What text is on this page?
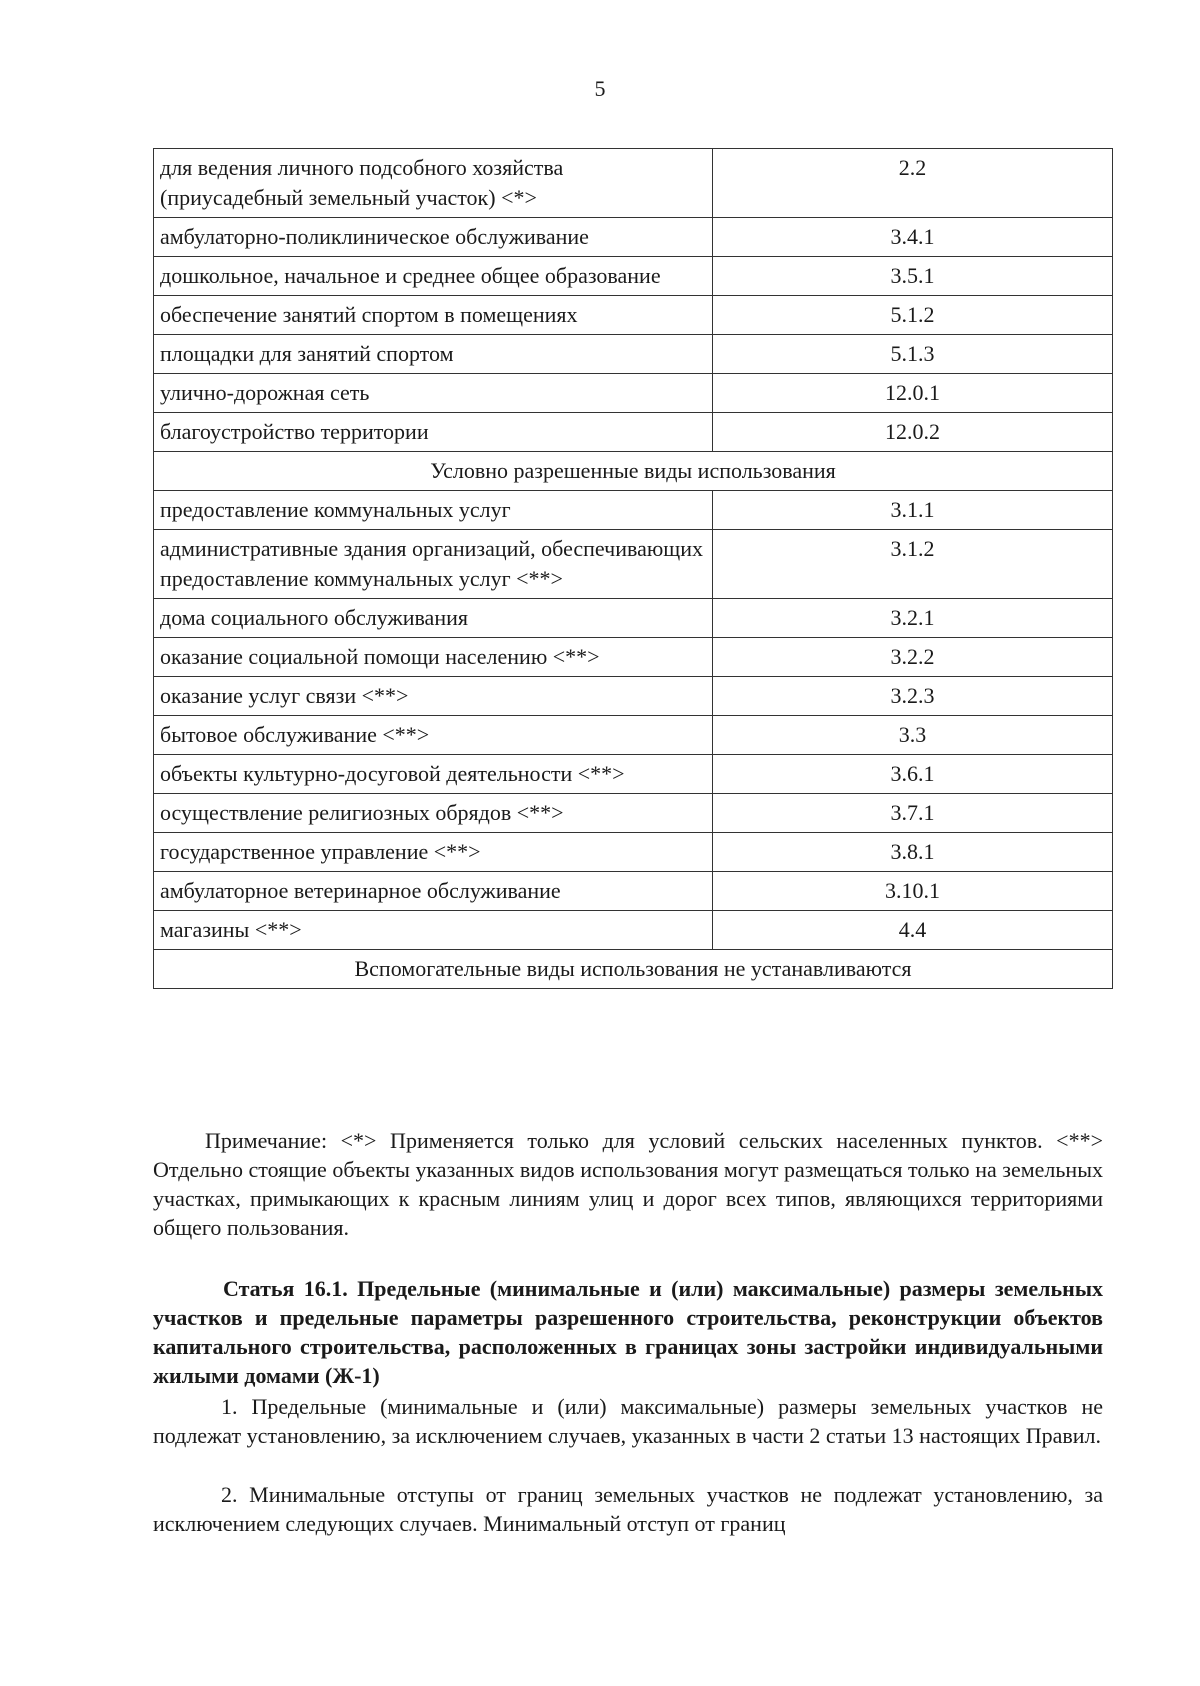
5
для ведения личного подсобного хозяйства (приусадебный земельный участок) <*>	2.2
амбулаторно-поликлиническое обслуживание	3.4.1
дошкольное, начальное и среднее общее образование	3.5.1
обеспечение занятий спортом в помещениях	5.1.2
площадки для занятий спортом	5.1.3
улично-дорожная сеть	12.0.1
благоустройство территории	12.0.2
Условно разрешенные виды использования	
предоставление коммунальных услуг	3.1.1
административные здания организаций, обеспечивающих предоставление коммунальных услуг <**>	3.1.2
дома социального обслуживания	3.2.1
оказание социальной помощи населению <**>	3.2.2
оказание услуг связи <**>	3.2.3
бытовое обслуживание <**>	3.3
объекты культурно-досуговой деятельности <**>	3.6.1
осуществление религиозных обрядов <**>	3.7.1
государственное управление <**>	3.8.1
амбулаторное ветеринарное обслуживание	3.10.1
магазины <**>	4.4
Вспомогательные виды использования не устанавливаются	

Примечание: <*> Применяется только для условий сельских населенных пунктов. <**> Отдельно стоящие объекты указанных видов использования могут размещаться только на земельных участках, примыкающих к красным линиям улиц и дорог всех типов, являющихся территориями общего пользования.

Статья 16.1. Предельные (минимальные и (или) максимальные) размеры земельных участков и предельные параметры разрешенного строительства, реконструкции объектов капитального строительства, расположенных в границах зоны застройки индивидуальными жилыми домами (Ж-1)

1. Предельные (минимальные и (или) максимальные) размеры земельных участков не подлежат установлению, за исключением случаев, указанных в части 2 статьи 13 настоящих Правил.

2. Минимальные отступы от границ земельных участков не подлежат установлению, за исключением следующих случаев. Минимальный отступ от границ
